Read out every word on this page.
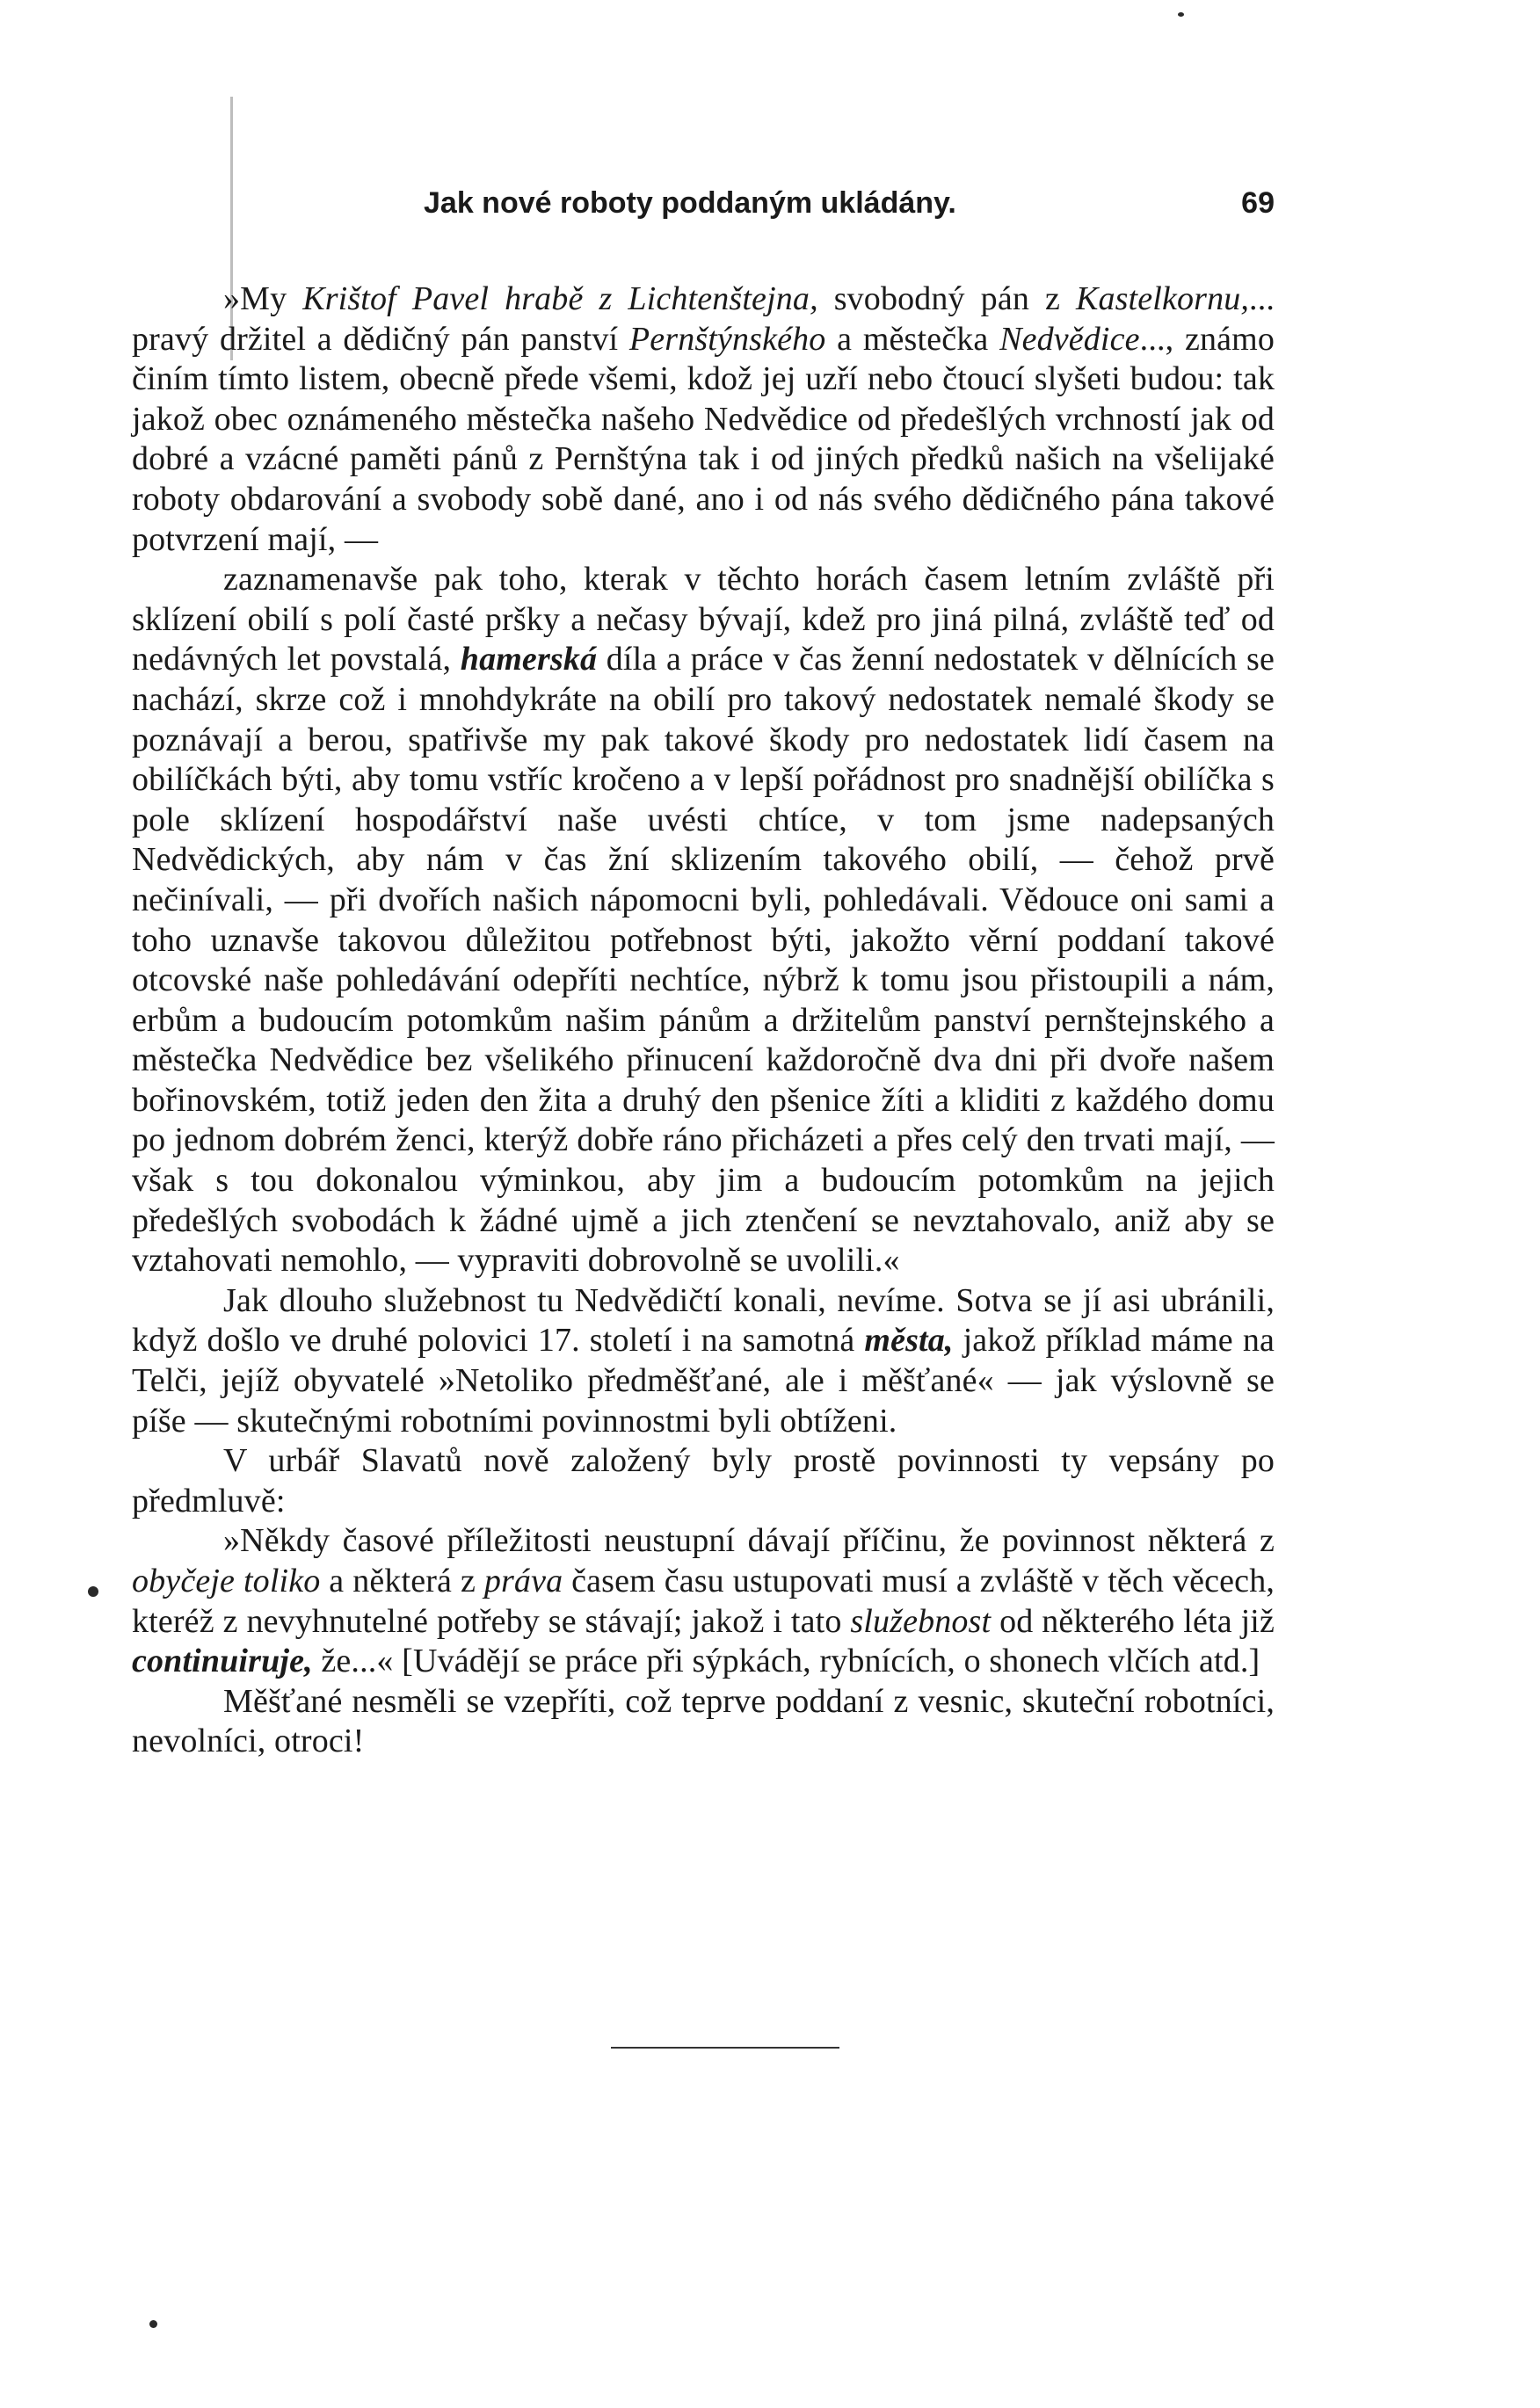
Jak nové roboty poddaným ukládány.	69

»My Krištof Pavel hrabě z Lichtenštejna, svobodný pán z Kastelkornu,... pravý držitel a dědičný pán panství Pernštýnského a městečka Nedvědice..., známo činím tímto listem, obecně přede všemi, kdož jej uzří nebo čtoucí slyšeti budou: tak jakož obec oznámeného městečka našeho Nedvědice od předešlých vrchností jak od dobré a vzácné paměti pánů z Pernštýna tak i od jiných předků našich na všelijaké roboty obdarování a svobody sobě dané, ano i od nás svého dědičného pána takové potvrzení mají, —

zaznamenavše pak toho, kterak v těchto horách časem letním zvláště při sklízení obilí s polí časté pršky a nečasy bývají, kdež pro jiná pilná, zvláště teď od nedávných let povstalá, hamerská díla a práce v čas ženní nedostatek v dělnících se nachází, skrze což i mnohdykráte na obilí pro takový nedostatek nemalé škody se poznávají a berou, spatřivše my pak takové škody pro nedostatek lidí časem na obilíčkách býti, aby tomu vstříc kročeno a v lepší pořádnost pro snadnější obilíčka s pole sklízení hospodářství naše uvésti chtíce, v tom jsme nadepsaných Nedvědických, aby nám v čas žní sklizením takového obilí, — čehož prvě nečinívali, — při dvořích našich nápomocni byli, pohledávali. Vědouce oni sami a toho uznavše takovou důležitou potřebnost býti, jakožto věrní poddaní takové otcovské naše pohledávání odepříti nechtíce, nýbrž k tomu jsou přistoupili a nám, erbům a budoucím potomkům našim pánům a držitelům panství pernštejnského a městečka Nedvědice bez všelikého přinucení každoročně dva dni při dvoře našem bořinovském, totiž jeden den žita a druhý den pšenice žíti a kliditi z každého domu po jednom dobrém ženci, kterýž dobře ráno přicházeti a přes celý den trvati mají, — však s tou dokonalou výminkou, aby jim a budoucím potomkům na jejich předešlých svobodách k žádné ujmě a jich ztenčení se nevztahovalo, aniž aby se vztahovati nemohlo, — vypraviti dobrovolně se uvolili.«

Jak dlouho služebnost tu Nedvědičtí konali, nevíme. Sotva se jí asi ubránili, když došlo ve druhé polovici 17. století i na samotná města, jakož příklad máme na Telči, jejíž obyvatelé »Netoliko předměšťané, ale i měšťané« — jak výslovně se píše — skutečnými robotními povinnostmi byli obtíženi.

V urbář Slavatů nově založený byly prostě povinnosti ty vepsány po předmluvě:

»Někdy časové příležitosti neustupní dávají příčinu, že povinnost některá z obyčeje toliko a některá z práva časem času ustupovati musí a zvláště v těch věcech, kteréž z nevyhnutelné potřeby se stávají; jakož i tato služebnost od některého léta již continuiruje, že...« [Uvádějí se práce při sýpkách, rybnících, o shonech vlčích atd.]

Měšťané nesměli se vzepříti, což teprve poddaní z vesnic, skuteční robotníci, nevolníci, otroci!
